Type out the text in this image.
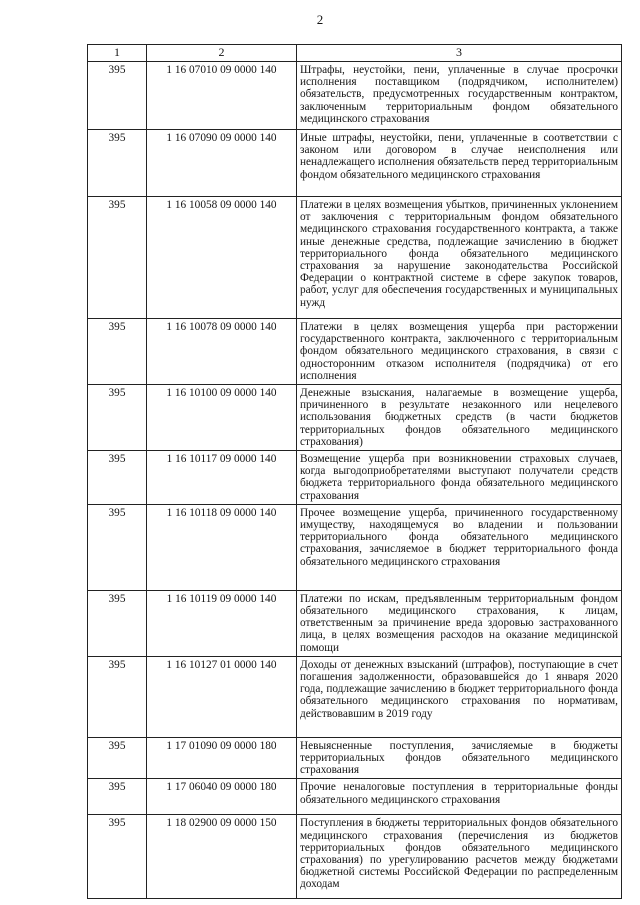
2
1	2	3
395	1 16 07010 09 0000 140	Штрафы, неустойки, пени, уплаченные в случае просрочки исполнения поставщиком (подрядчиком, исполнителем) обязательств, предусмотренных государственным контрактом, заключенным территориальным фондом обязательного медицинского страхования
395	1 16 07090 09 0000 140	Иные штрафы, неустойки, пени, уплаченные в соответствии с законом или договором в случае неисполнения или ненадлежащего исполнения обязательств перед территориальным фондом обязательного медицинского страхования
395	1 16 10058 09 0000 140	Платежи в целях возмещения убытков, причиненных уклонением от заключения с территориальным фондом обязательного медицинского страхования государственного контракта, а также иные денежные средства, подлежащие зачислению в бюджет территориального фонда обязательного медицинского страхования за нарушение законодательства Российской Федерации о контрактной системе в сфере закупок товаров, работ, услуг для обеспечения государственных и муниципальных нужд
395	1 16 10078 09 0000 140	Платежи в целях возмещения ущерба при расторжении государственного контракта, заключенного с территориальным фондом обязательного медицинского страхования, в связи с односторонним отказом исполнителя (подрядчика) от его исполнения
395	1 16 10100 09 0000 140	Денежные взыскания, налагаемые в возмещение ущерба, причиненного в результате незаконного или нецелевого использования бюджетных средств (в части бюджетов территориальных фондов обязательного медицинского страхования)
395	1 16 10117 09 0000 140	Возмещение ущерба при возникновении страховых случаев, когда выгодоприобретателями выступают получатели средств бюджета территориального фонда обязательного медицинского страхования
395	1 16 10118 09 0000 140	Прочее возмещение ущерба, причиненного государственному имуществу, находящемуся во владении и пользовании территориального фонда обязательного медицинского страхования, зачисляемое в бюджет территориального фонда обязательного медицинского страхования
395	1 16 10119 09 0000 140	Платежи по искам, предъявленным территориальным фондом обязательного медицинского страхования, к лицам, ответственным за причинение вреда здоровью застрахованного лица, в целях возмещения расходов на оказание медицинской помощи
395	1 16 10127 01 0000 140	Доходы от денежных взысканий (штрафов), поступающие в счет погашения задолженности, образовавшейся до 1 января 2020 года, подлежащие зачислению в бюджет территориального фонда обязательного медицинского страхования по нормативам, действовавшим в 2019 году
395	1 17 01090 09 0000 180	Невыясненные поступления, зачисляемые в бюджеты территориальных фондов обязательного медицинского страхования
395	1 17 06040 09 0000 180	Прочие неналоговые поступления в территориальные фонды обязательного медицинского страхования
395	1 18 02900 09 0000 150	Поступления в бюджеты территориальных фондов обязательного медицинского страхования (перечисления из бюджетов территориальных фондов обязательного медицинского страхования) по урегулированию расчетов между бюджетами бюджетной системы Российской Федерации по распределенным доходам
